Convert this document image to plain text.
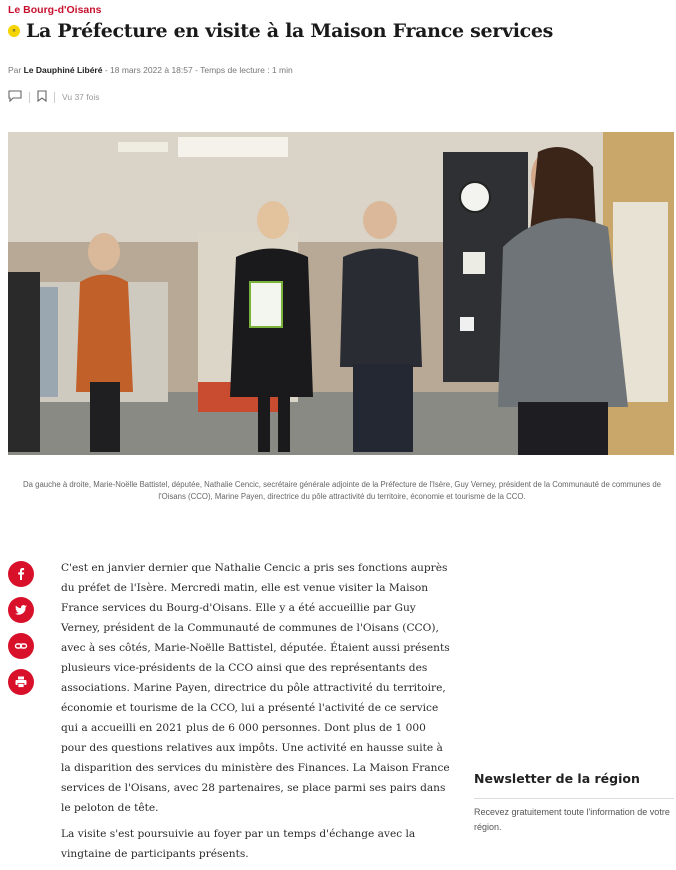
Le Bourg-d'Oisans
« La Préfecture en visite à la Maison France services
Par Le Dauphiné Libéré - 18 mars 2022 à 18:57 - Temps de lecture : 1 min
Vu 37 fois
Da gauche à droite, Marie-Noëlle Battistel, députée, Nathalie Cencic, secrétaire générale adjointe de la Préfecture de l'Isère, Guy Verney, président de la Communauté de communes de l'Oisans (CCO), Marine Payen, directrice du pôle attractivité du territoire, économie et tourisme de la CCO.

C'est en janvier dernier que Nathalie Cencic a pris ses fonctions auprès du préfet de l'Isère. Mercredi matin, elle est venue visiter la Maison France services du Bourg-d'Oisans. Elle y a été accueillie par Guy Verney, président de la Communauté de communes de l'Oisans (CCO), avec à ses côtés, Marie-Noëlle Battistel, députée. Étaient aussi présents plusieurs vice-présidents de la CCO ainsi que des représentants des associations. Marine Payen, directrice du pôle attractivité du territoire, économie et tourisme de la CCO, lui a présenté l'activité de ce service qui a accueilli en 2021 plus de 6 000 personnes. Dont plus de 1 000 pour des questions relatives aux impôts. Une activité en hausse suite à la disparition des services du ministère des Finances. La Maison France services de l'Oisans, avec 28 partenaires, se place parmi ses pairs dans le peloton de tête.

La visite s'est poursuivie au foyer par un temps d'échange avec la vingtaine de participants présents.

Newsletter de la région
Recevez gratuitement toute l'information de votre région.
